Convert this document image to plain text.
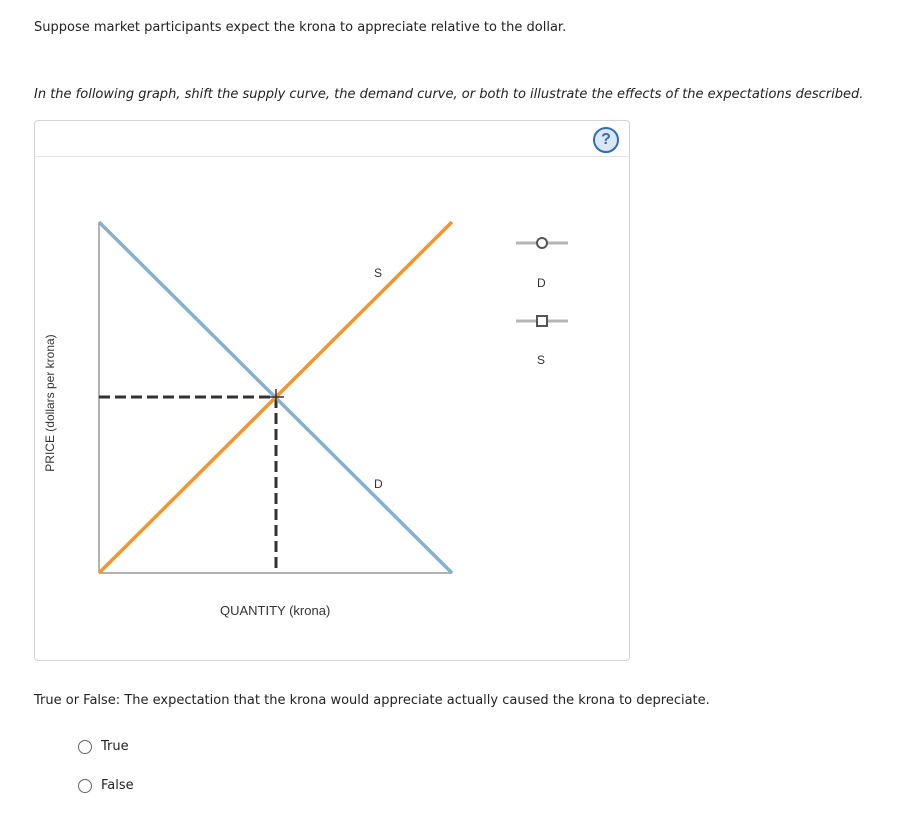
Suppose market participants expect the krona to appreciate relative to the dollar.
In the following graph, shift the supply curve, the demand curve, or both to illustrate the effects of the expectations described.
?
PRICE (dollars per krona)
QUANTITY (krona)
S
D
D
S
True or False: The expectation that the krona would appreciate actually caused the krona to depreciate.
True
False
